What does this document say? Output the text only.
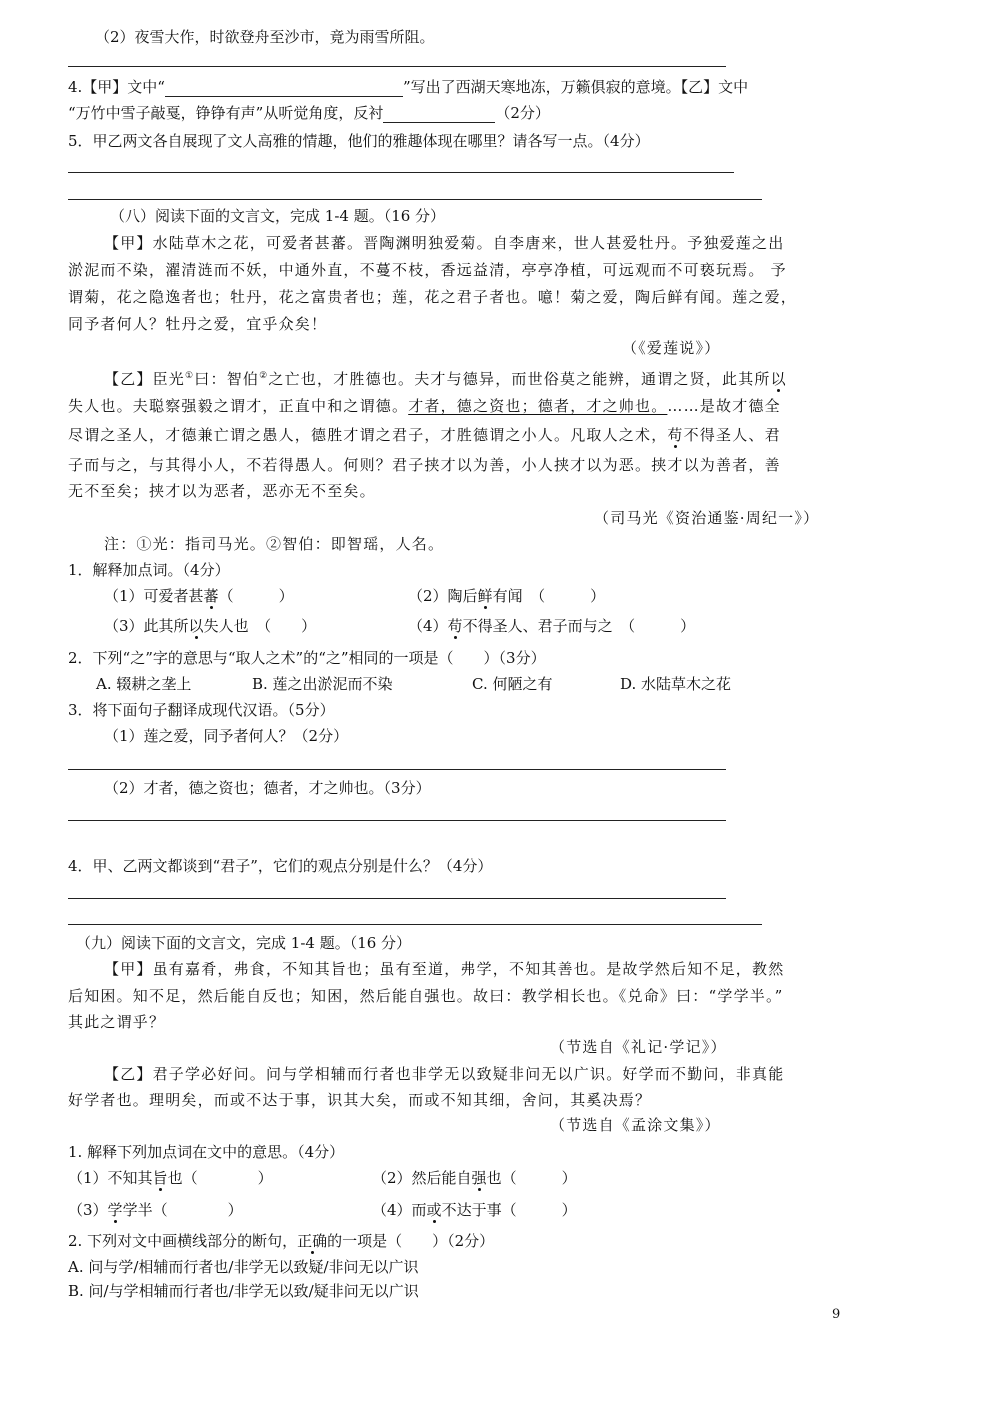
（2）夜雪大作，时欲登舟至沙市，竟为雨雪所阻。
4.【甲】文中“	”写出了西湖天寒地冻，万籁俱寂的意境。【乙】文中
“万竹中雪子敲戛，铮铮有声”从听觉角度，反衬	（2分）
5．甲乙两文各自展现了文人高雅的情趣，他们的雅趣体现在哪里？请各写一点。（4分）
（八）阅读下面的文言文，完成 1-4 题。（16 分）
【甲】水陆草木之花，可爱者甚蕃。晋陶渊明独爱菊。自李唐来，世人甚爱牡丹。予独爱莲之出
淤泥而不染，濯清涟而不妖，中通外直，不蔓不枝，香远益清，亭亭净植，可远观而不可亵玩焉。 予
谓菊，花之隐逸者也；牡丹，花之富贵者也；莲，花之君子者也。噫！菊之爱，陶后鲜有闻。莲之爱，
同予者何人？牡丹之爱，宜乎众矣！
（《爱莲说》）
【乙】臣光①曰：智伯②之亡也，才胜德也。夫才与德异，而世俗莫之能辨，通谓之贤，此其所以
失人也。夫聪察强毅之谓才，正直中和之谓德。才者，德之资也；德者，才之帅也。……是故才德全
尽谓之圣人，才德兼亡谓之愚人，德胜才谓之君子，才胜德谓之小人。凡取人之术，苟不得圣人、君
子而与之，与其得小人，不若得愚人。何则？君子挟才以为善，小人挟才以为恶。挟才以为善者，善
无不至矣；挟才以为恶者，恶亦无不至矣。
（司马光《资治通鉴·周纪一》）
注：①光：指司马光。②智伯：即智瑶，人名。
1．解释加点词。（4分）
（1）可爱者甚蕃（　　　）	（2）陶后鲜有闻　（　　　）
（3）此其所以失人也　（　　）	（4）苟不得圣人、君子而与之　（　　　）
2．下列“之”字的意思与“取人之术”的“之”相同的一项是（　　）（3分）
A. 辍耕之垄上	B. 莲之出淤泥而不染	C. 何陋之有	D. 水陆草木之花
3．将下面句子翻译成现代汉语。（5分）
（1）莲之爱，同予者何人？（2分）
（2）才者，德之资也；德者，才之帅也。（3分）
4．甲、乙两文都谈到“君子”，它们的观点分别是什么？（4分）
（九）阅读下面的文言文，完成 1-4 题。（16 分）
【甲】虽有嘉肴，弗食，不知其旨也；虽有至道，弗学，不知其善也。是故学然后知不足，教然
后知困。知不足，然后能自反也；知困，然后能自强也。故曰：教学相长也。《兑命》曰：“学学半。”
其此之谓乎？
（节选自《礼记·学记》）
【乙】君子学必好问。问与学相辅而行者也非学无以致疑非问无以广识。好学而不勤问，非真能
好学者也。理明矣，而或不达于事，识其大矣，而或不知其细，舍问，其奚决焉？
（节选自《孟涂文集》）
1. 解释下列加点词在文中的意思。（4分）
（1）不知其旨也（　　　　）	（2）然后能自强也（　　　）
（3）学学半（　　　　）	（4）而或不达于事（　　　）
2. 下列对文中画横线部分的断句，正确的一项是（　　）（2分）
A. 问与学/相辅而行者也/非学无以致疑/非问无以广识
B. 问/与学相辅而行者也/非学无以致/疑非问无以广识
9
